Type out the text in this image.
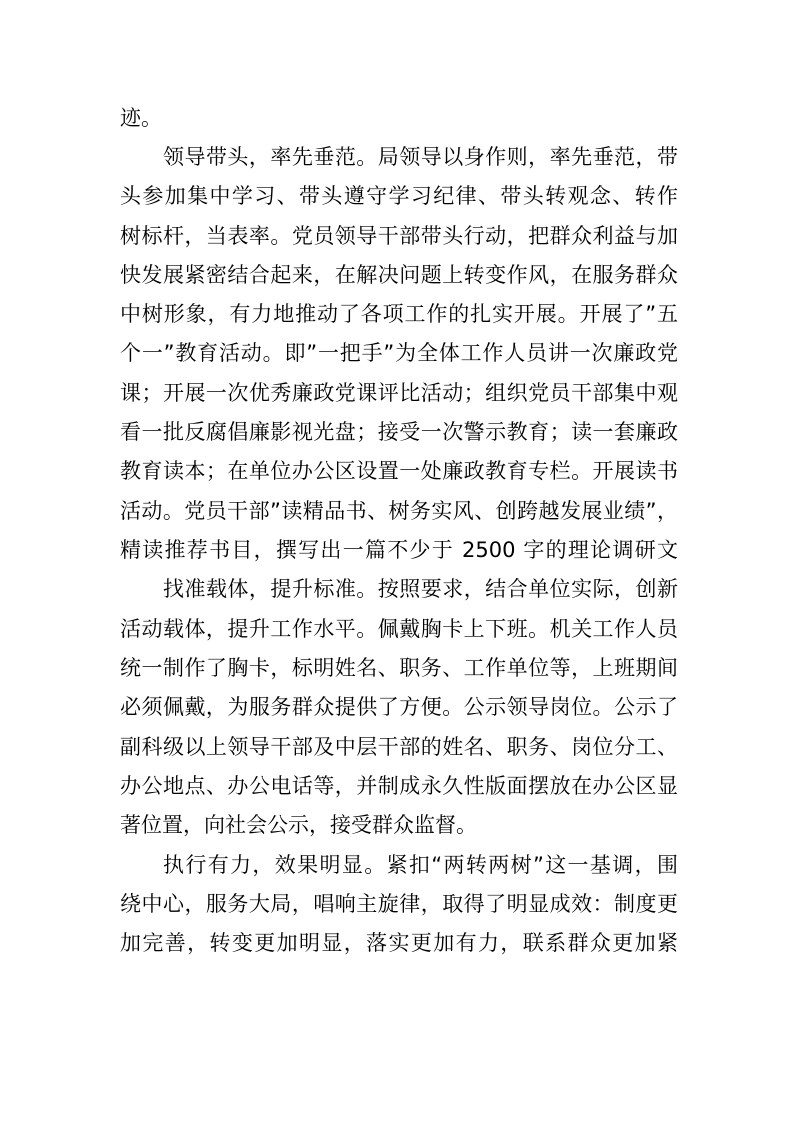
迹。
领导带头，率先垂范。局领导以身作则，率先垂范，带
头参加集中学习、带头遵守学习纪律、带头转观念、转作
树标杆，当表率。党员领导干部带头行动，把群众利益与加
快发展紧密结合起来，在解决问题上转变作风，在服务群众
中树形象，有力地推动了各项工作的扎实开展。开展了”五
个一”教育活动。即”一把手”为全体工作人员讲一次廉政党
课；开展一次优秀廉政党课评比活动；组织党员干部集中观
看一批反腐倡廉影视光盘；接受一次警示教育；读一套廉政
教育读本；在单位办公区设置一处廉政教育专栏。开展读书
活动。党员干部”读精品书、树务实风、创跨越发展业绩”，
精读推荐书目，撰写出一篇不少于 2500 字的理论调研文
找准载体，提升标准。按照要求，结合单位实际，创新
活动载体，提升工作水平。佩戴胸卡上下班。机关工作人员
统一制作了胸卡，标明姓名、职务、工作单位等，上班期间
必须佩戴，为服务群众提供了方便。公示领导岗位。公示了
副科级以上领导干部及中层干部的姓名、职务、岗位分工、
办公地点、办公电话等，并制成永久性版面摆放在办公区显
著位置，向社会公示，接受群众监督。
执行有力，效果明显。紧扣“两转两树”这一基调，围
绕中心，服务大局，唱响主旋律，取得了明显成效：制度更
加完善，转变更加明显，落实更加有力，联系群众更加紧
